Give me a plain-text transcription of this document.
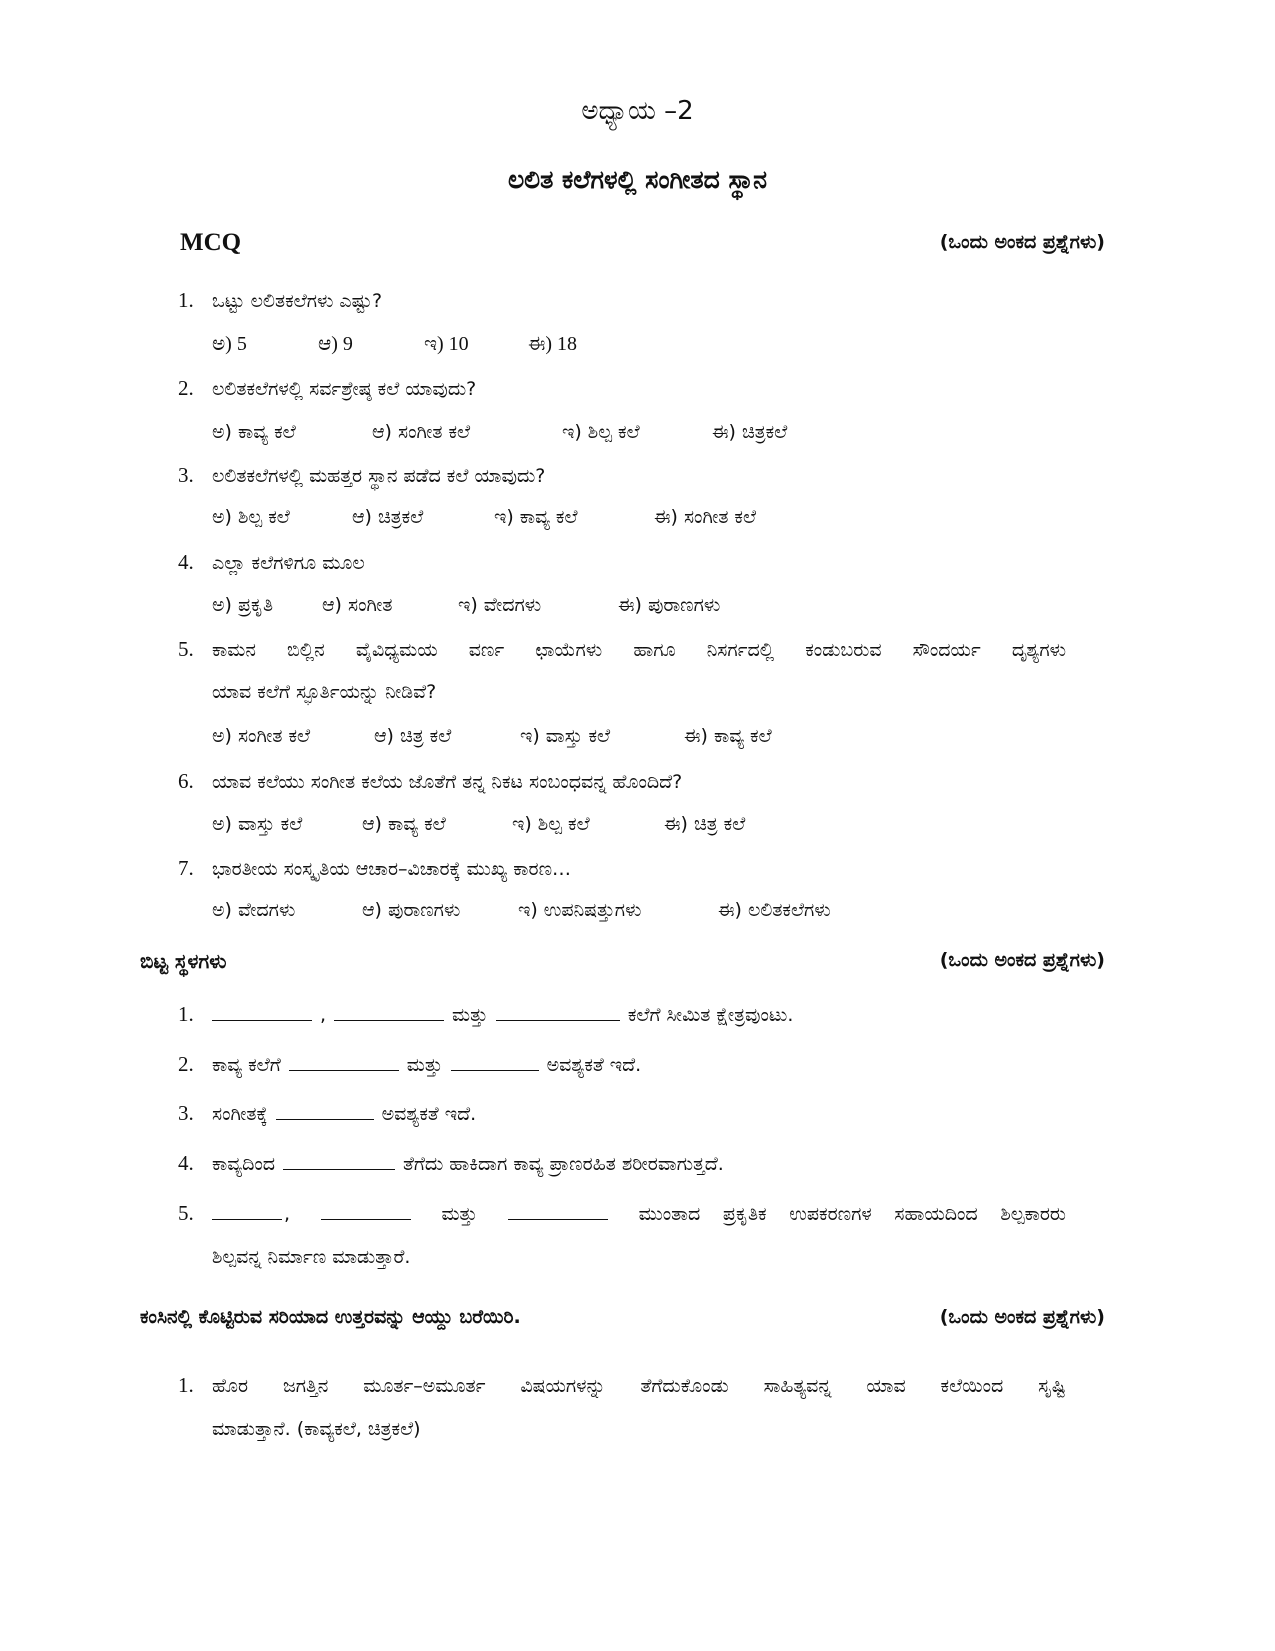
ಅಧ್ಯಾಯ –2
ಲಲಿತ ಕಲೆಗಳಲ್ಲಿ ಸಂಗೀತದ ಸ್ಥಾನ
MCQ	(ಒಂದು ಅಂಕದ ಪ್ರಶ್ನೆಗಳು)
1. ಒಟ್ಟು ಲಲಿತಕಲೆಗಳು ಎಷ್ಟು?
ಅ) 5	ಆ) 9	ಇ) 10	ಈ) 18
2. ಲಲಿತಕಲೆಗಳಲ್ಲಿ ಸರ್ವಶ್ರೇಷ್ಠ ಕಲೆ ಯಾವುದು?
ಅ) ಕಾವ್ಯ ಕಲೆ	ಆ) ಸಂಗೀತ ಕಲೆ	ಇ) ಶಿಲ್ಪ ಕಲೆ	ಈ) ಚಿತ್ರಕಲೆ
3. ಲಲಿತಕಲೆಗಳಲ್ಲಿ ಮಹತ್ತರ ಸ್ಥಾನ ಪಡೆದ ಕಲೆ ಯಾವುದು?
ಅ) ಶಿಲ್ಪ ಕಲೆ	ಆ) ಚಿತ್ರಕಲೆ	ಇ) ಕಾವ್ಯ ಕಲೆ	ಈ) ಸಂಗೀತ ಕಲೆ
4. ಎಲ್ಲಾ ಕಲೆಗಳಿಗೂ ಮೂಲ
ಅ) ಪ್ರಕೃತಿ	ಆ) ಸಂಗೀತ	ಇ) ವೇದಗಳು	ಈ) ಪುರಾಣಗಳು
5. ಕಾಮನ ಬಿಲ್ಲಿನ ವೈವಿಧ್ಯಮಯ ವರ್ಣ ಛಾಯೆಗಳು ಹಾಗೂ ನಿಸರ್ಗದಲ್ಲಿ ಕಂಡುಬರುವ ಸೌಂದರ್ಯ ದೃಶ್ಯಗಳು
ಯಾವ ಕಲೆಗೆ ಸ್ಫೂರ್ತಿಯನ್ನು ನೀಡಿವೆ?
ಅ) ಸಂಗೀತ ಕಲೆ	ಆ) ಚಿತ್ರ ಕಲೆ	ಇ) ವಾಸ್ತು ಕಲೆ	ಈ) ಕಾವ್ಯ ಕಲೆ
6. ಯಾವ ಕಲೆಯು ಸಂಗೀತ ಕಲೆಯ ಜೊತೆಗೆ ತನ್ನ ನಿಕಟ ಸಂಬಂಧವನ್ನ ಹೊಂದಿದೆ?
ಅ) ವಾಸ್ತು ಕಲೆ	ಆ) ಕಾವ್ಯ ಕಲೆ	ಇ) ಶಿಲ್ಪ ಕಲೆ	ಈ) ಚಿತ್ರ ಕಲೆ
7. ಭಾರತೀಯ ಸಂಸ್ಕೃತಿಯ ಆಚಾರ–ವಿಚಾರಕ್ಕೆ ಮುಖ್ಯ ಕಾರಣ…
ಅ) ವೇದಗಳು	ಆ) ಪುರಾಣಗಳು	ಇ) ಉಪನಿಷತ್ತುಗಳು	ಈ) ಲಲಿತಕಲೆಗಳು
ಬಿಟ್ಟ ಸ್ಥಳಗಳು	(ಒಂದು ಅಂಕದ ಪ್ರಶ್ನೆಗಳು)
1.	,	ಮತ್ತು	ಕಲೆಗೆ ಸೀಮಿತ ಕ್ಷೇತ್ರವುಂಟು.
2. ಕಾವ್ಯ ಕಲೆಗೆ	ಮತ್ತು	ಅವಶ್ಯಕತೆ ಇದೆ.
3. ಸಂಗೀತಕ್ಕೆ	ಅವಶ್ಯಕತೆ ಇದೆ.
4. ಕಾವ್ಯದಿಂದ	ತೆಗೆದು ಹಾಕಿದಾಗ ಕಾವ್ಯ ಪ್ರಾಣರಹಿತ ಶರೀರವಾಗುತ್ತದೆ.
5.	,	ಮತ್ತು	ಮುಂತಾದ ಪ್ರಕೃತಿಕ ಉಪಕರಣಗಳ ಸಹಾಯದಿಂದ ಶಿಲ್ಪಕಾರರು
ಶಿಲ್ಪವನ್ನ ನಿರ್ಮಾಣ ಮಾಡುತ್ತಾರೆ.
ಕಂಸಿನಲ್ಲಿ ಕೊಟ್ಟಿರುವ ಸರಿಯಾದ ಉತ್ತರವನ್ನು ಆಯ್ದು ಬರೆಯಿರಿ.	(ಒಂದು ಅಂಕದ ಪ್ರಶ್ನೆಗಳು)
1. ಹೊರ ಜಗತ್ತಿನ ಮೂರ್ತ–ಅಮೂರ್ತ ವಿಷಯಗಳನ್ನು ತೆಗೆದುಕೊಂಡು ಸಾಹಿತ್ಯವನ್ನ ಯಾವ ಕಲೆಯಿಂದ ಸೃಷ್ಟಿ
ಮಾಡುತ್ತಾನೆ. (ಕಾವ್ಯಕಲೆ, ಚಿತ್ರಕಲೆ)
